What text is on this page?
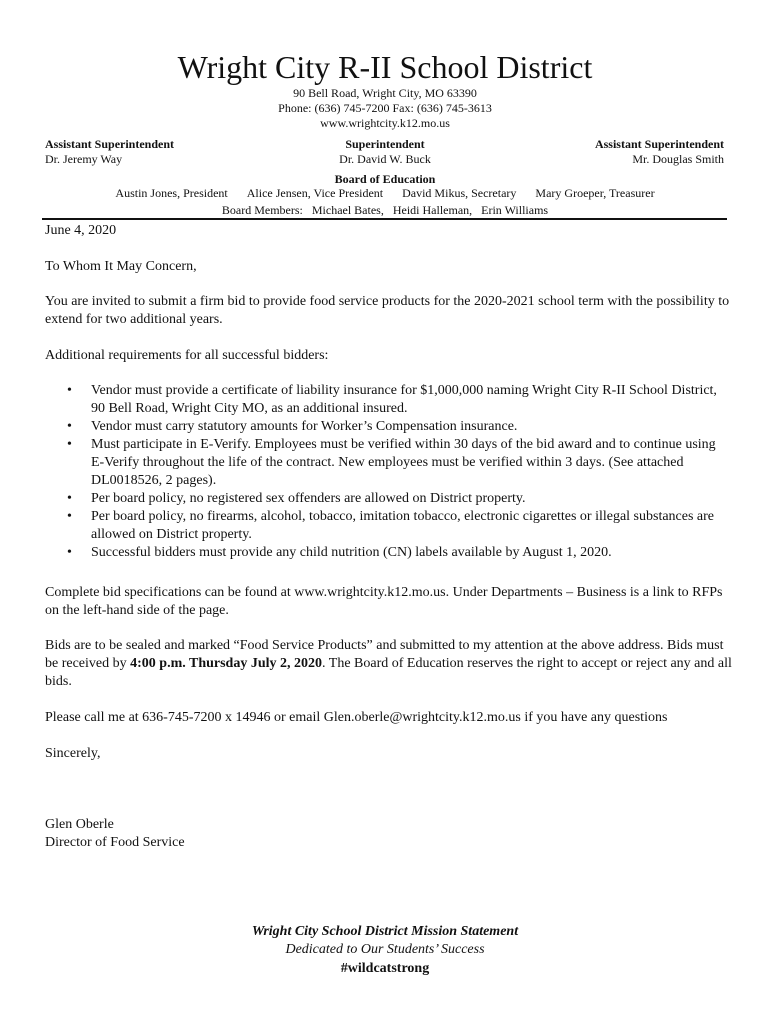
Wright City R-II School District
90 Bell Road, Wright City, MO 63390
Phone: (636) 745-7200 Fax: (636) 745-3613
www.wrightcity.k12.mo.us
Assistant Superintendent
Dr. Jeremy Way
Superintendent
Dr. David W. Buck
Assistant Superintendent
Mr. Douglas Smith
Board of Education
Austin Jones, President Alice Jensen, Vice President David Mikus, Secretary Mary Groeper, Treasurer
Board Members:   Michael Bates,   Heidi Halleman,   Erin Williams
June 4, 2020
To Whom It May Concern,
You are invited to submit a firm bid to provide food service products for the 2020-2021 school term with the possibility to extend for two additional years.
Additional requirements for all successful bidders:
• Vendor must provide a certificate of liability insurance for $1,000,000 naming Wright City R-II School District, 90 Bell Road, Wright City MO, as an additional insured.
• Vendor must carry statutory amounts for Worker’s Compensation insurance.
• Must participate in E-Verify. Employees must be verified within 30 days of the bid award and to continue using E-Verify throughout the life of the contract. New employees must be verified within 3 days. (See attached DL0018526, 2 pages).
• Per board policy, no registered sex offenders are allowed on District property.
• Per board policy, no firearms, alcohol, tobacco, imitation tobacco, electronic cigarettes or illegal substances are allowed on District property.
• Successful bidders must provide any child nutrition (CN) labels available by August 1, 2020.
Complete bid specifications can be found at www.wrightcity.k12.mo.us. Under Departments – Business is a link to RFPs on the left-hand side of the page.
Bids are to be sealed and marked “Food Service Products” and submitted to my attention at the above address. Bids must be received by 4:00 p.m. Thursday July 2, 2020. The Board of Education reserves the right to accept or reject any and all bids.
Please call me at 636-745-7200 x 14946 or email Glen.oberle@wrightcity.k12.mo.us if you have any questions
Sincerely,
Glen Oberle
Director of Food Service
Wright City School District Mission Statement
Dedicated to Our Students’ Success
#wildcatstrong
